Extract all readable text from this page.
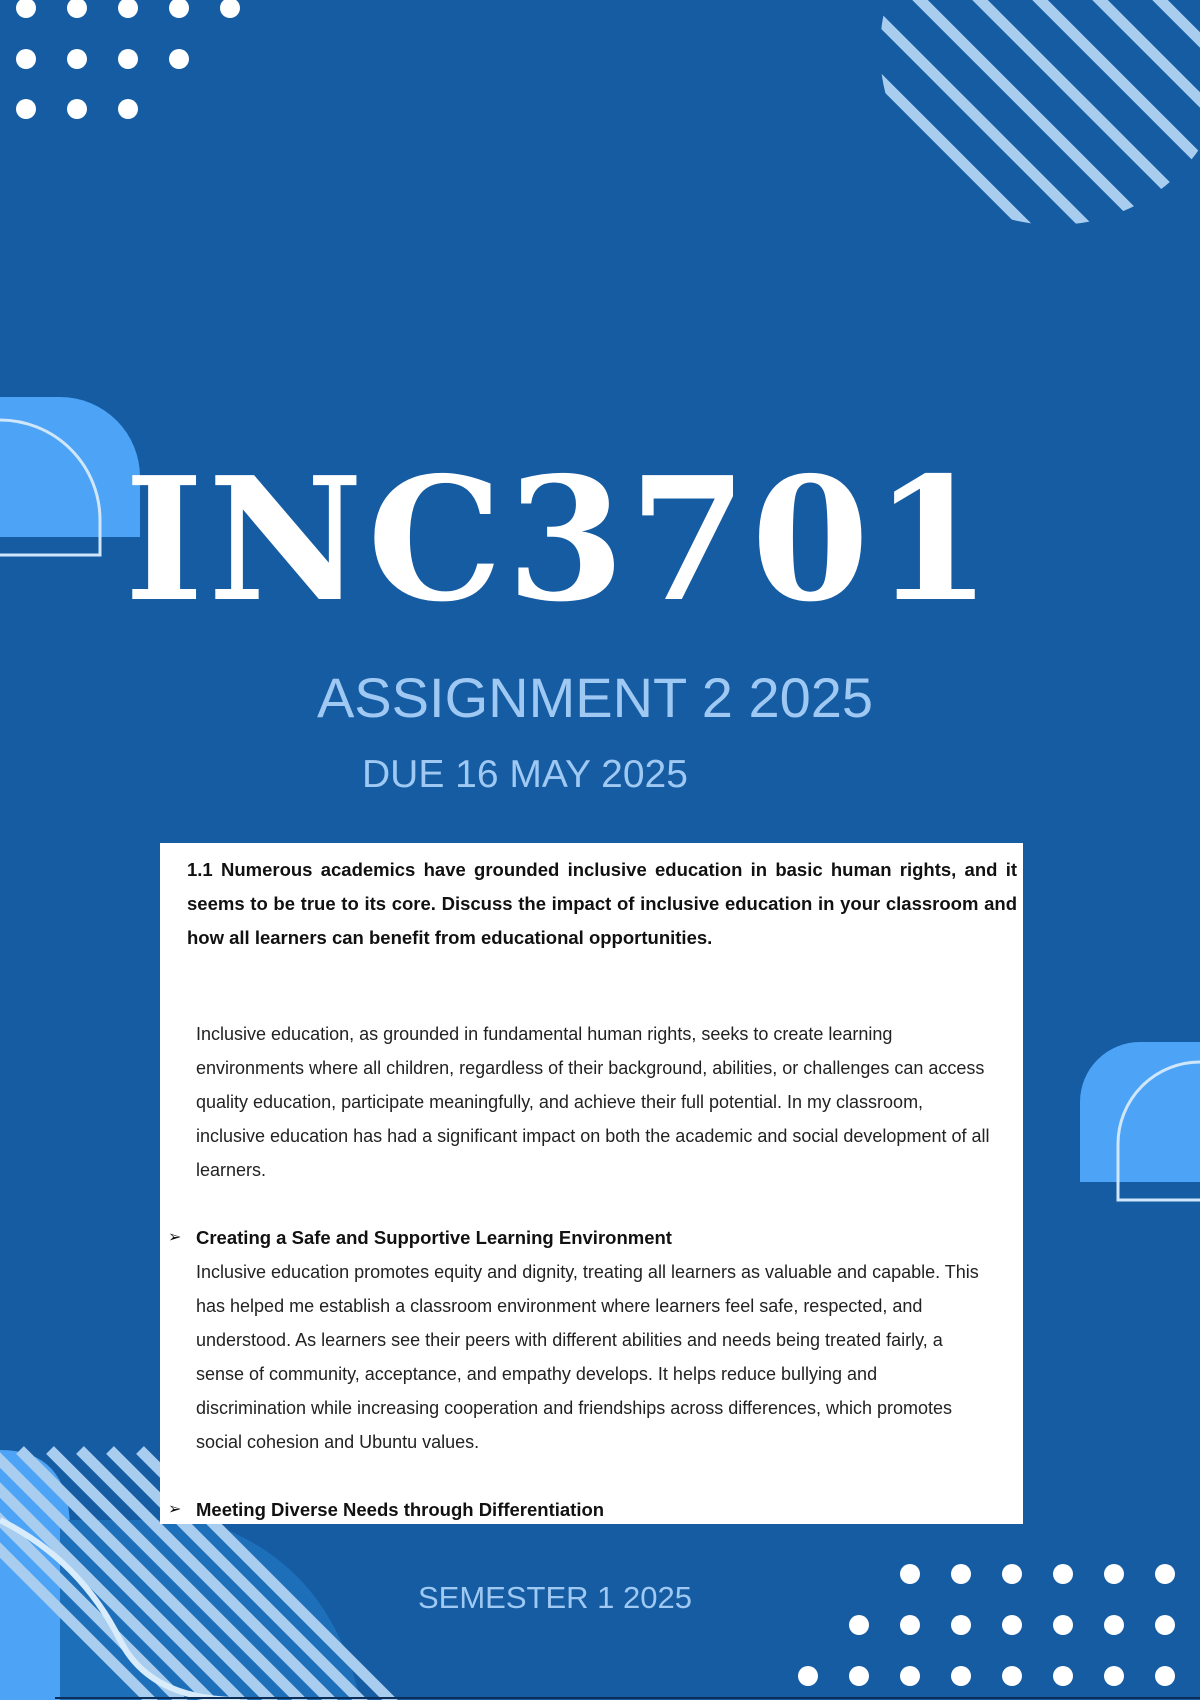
INC3701
ASSIGNMENT 2 2025
DUE 16 MAY 2025
1.1 Numerous academics have grounded inclusive education in basic human rights, and it seems to be true to its core. Discuss the impact of inclusive education in your classroom and how all learners can benefit from educational opportunities.
Inclusive education, as grounded in fundamental human rights, seeks to create learning environments where all children, regardless of their background, abilities, or challenges can access quality education, participate meaningfully, and achieve their full potential. In my classroom, inclusive education has had a significant impact on both the academic and social development of all learners.
➢ Creating a Safe and Supportive Learning Environment
Inclusive education promotes equity and dignity, treating all learners as valuable and capable. This has helped me establish a classroom environment where learners feel safe, respected, and understood. As learners see their peers with different abilities and needs being treated fairly, a sense of community, acceptance, and empathy develops. It helps reduce bullying and discrimination while increasing cooperation and friendships across differences, which promotes social cohesion and Ubuntu values.
➢ Meeting Diverse Needs through Differentiation
SEMESTER 1 2025
